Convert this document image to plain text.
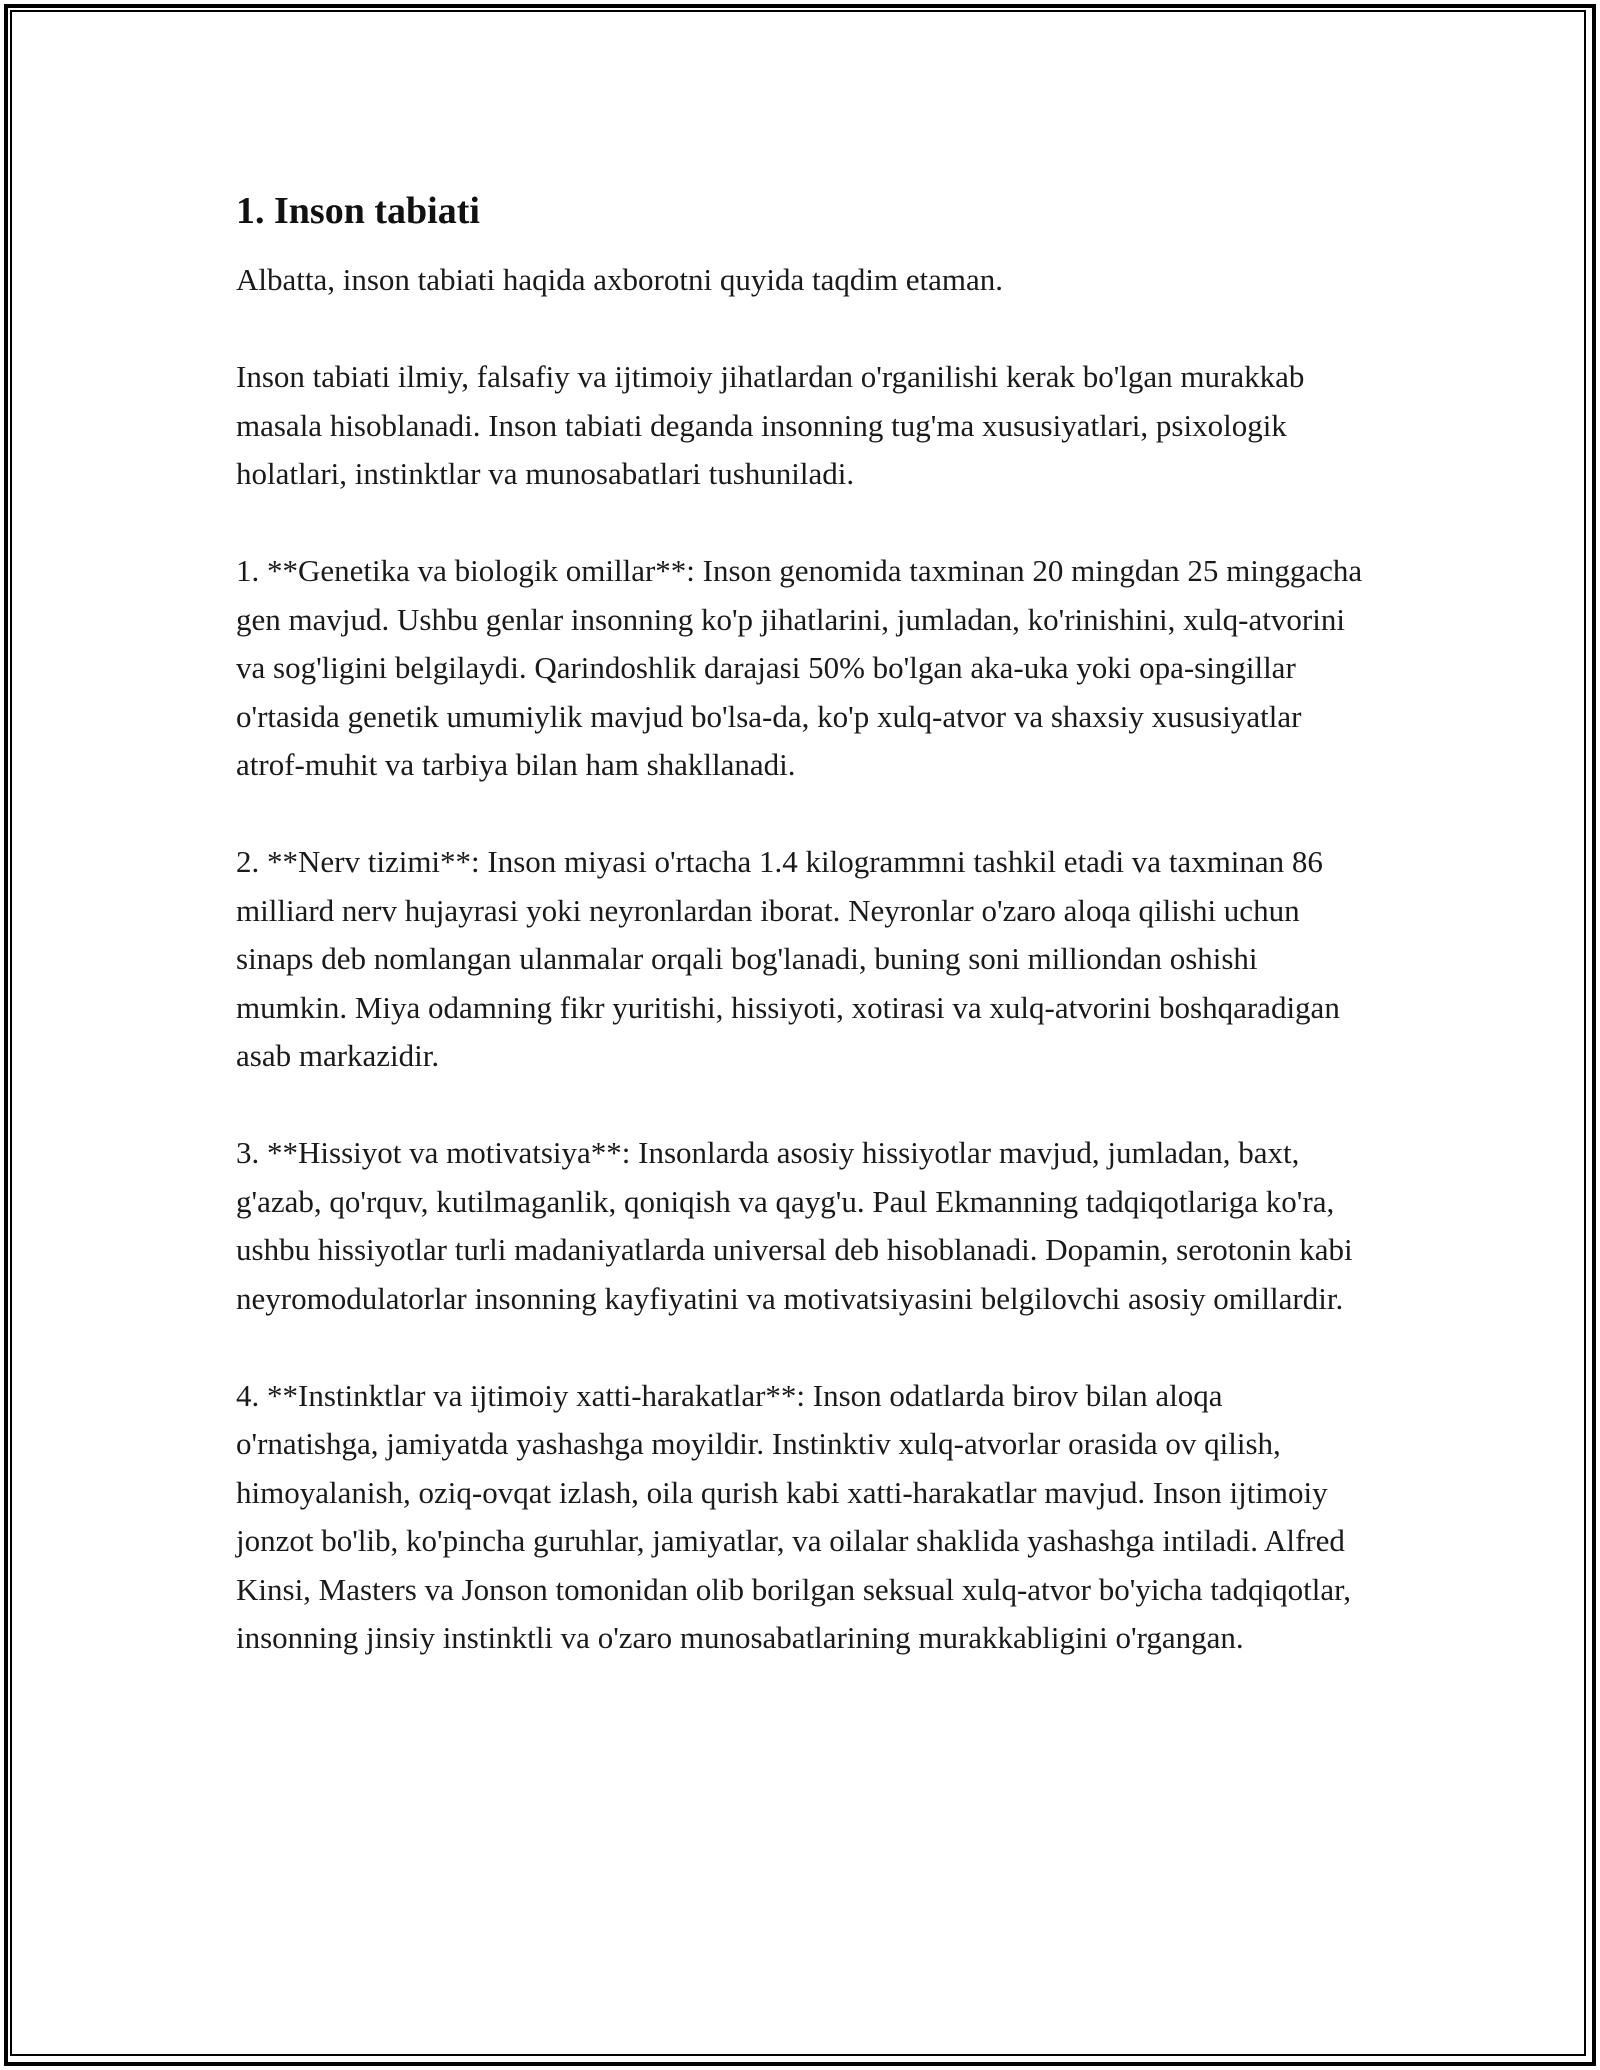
1. Inson tabiati

Albatta, inson tabiati haqida axborotni quyida taqdim etaman.

Inson tabiati ilmiy, falsafiy va ijtimoiy jihatlardan o'rganilishi kerak bo'lgan murakkab masala hisoblanadi. Inson tabiati deganda insonning tug'ma xususiyatlari, psixologik holatlari, instinktlar va munosabatlari tushuniladi.

1. **Genetika va biologik omillar**: Inson genomida taxminan 20 mingdan 25 minggacha gen mavjud. Ushbu genlar insonning ko'p jihatlarini, jumladan, ko'rinishini, xulq-atvorini va sog'ligini belgilaydi. Qarindoshlik darajasi 50% bo'lgan aka-uka yoki opa-singillar o'rtasida genetik umumiylik mavjud bo'lsa-da, ko'p xulq-atvor va shaxsiy xususiyatlar atrof-muhit va tarbiya bilan ham shakllanadi.

2. **Nerv tizimi**: Inson miyasi o'rtacha 1.4 kilogrammni tashkil etadi va taxminan 86 milliard nerv hujayrasi yoki neyronlardan iborat. Neyronlar o'zaro aloqa qilishi uchun sinaps deb nomlangan ulanmalar orqali bog'lanadi, buning soni milliondan oshishi mumkin. Miya odamning fikr yuritishi, hissiyoti, xotirasi va xulq-atvorini boshqaradigan asab markazidir.

3. **Hissiyot va motivatsiya**: Insonlarda asosiy hissiyotlar mavjud, jumladan, baxt, g'azab, qo'rquv, kutilmaganlik, qoniqish va qayg'u. Paul Ekmanning tadqiqotlariga ko'ra, ushbu hissiyotlar turli madaniyatlarda universal deb hisoblanadi. Dopamin, serotonin kabi neyromodulatorlar insonning kayfiyatini va motivatsiyasini belgilovchi asosiy omillardir.

4. **Instinktlar va ijtimoiy xatti-harakatlar**: Inson odatlarda birov bilan aloqa o'rnatishga, jamiyatda yashashga moyildir. Instinktiv xulq-atvorlar orasida ov qilish, himoyalanish, oziq-ovqat izlash, oila qurish kabi xatti-harakatlar mavjud. Inson ijtimoiy jonzot bo'lib, ko'pincha guruhlar, jamiyatlar, va oilalar shaklida yashashga intiladi. Alfred Kinsi, Masters va Jonson tomonidan olib borilgan seksual xulq-atvor bo'yicha tadqiqotlar, insonning jinsiy instinktli va o'zaro munosabatlarining murakkabligini o'rgangan.
